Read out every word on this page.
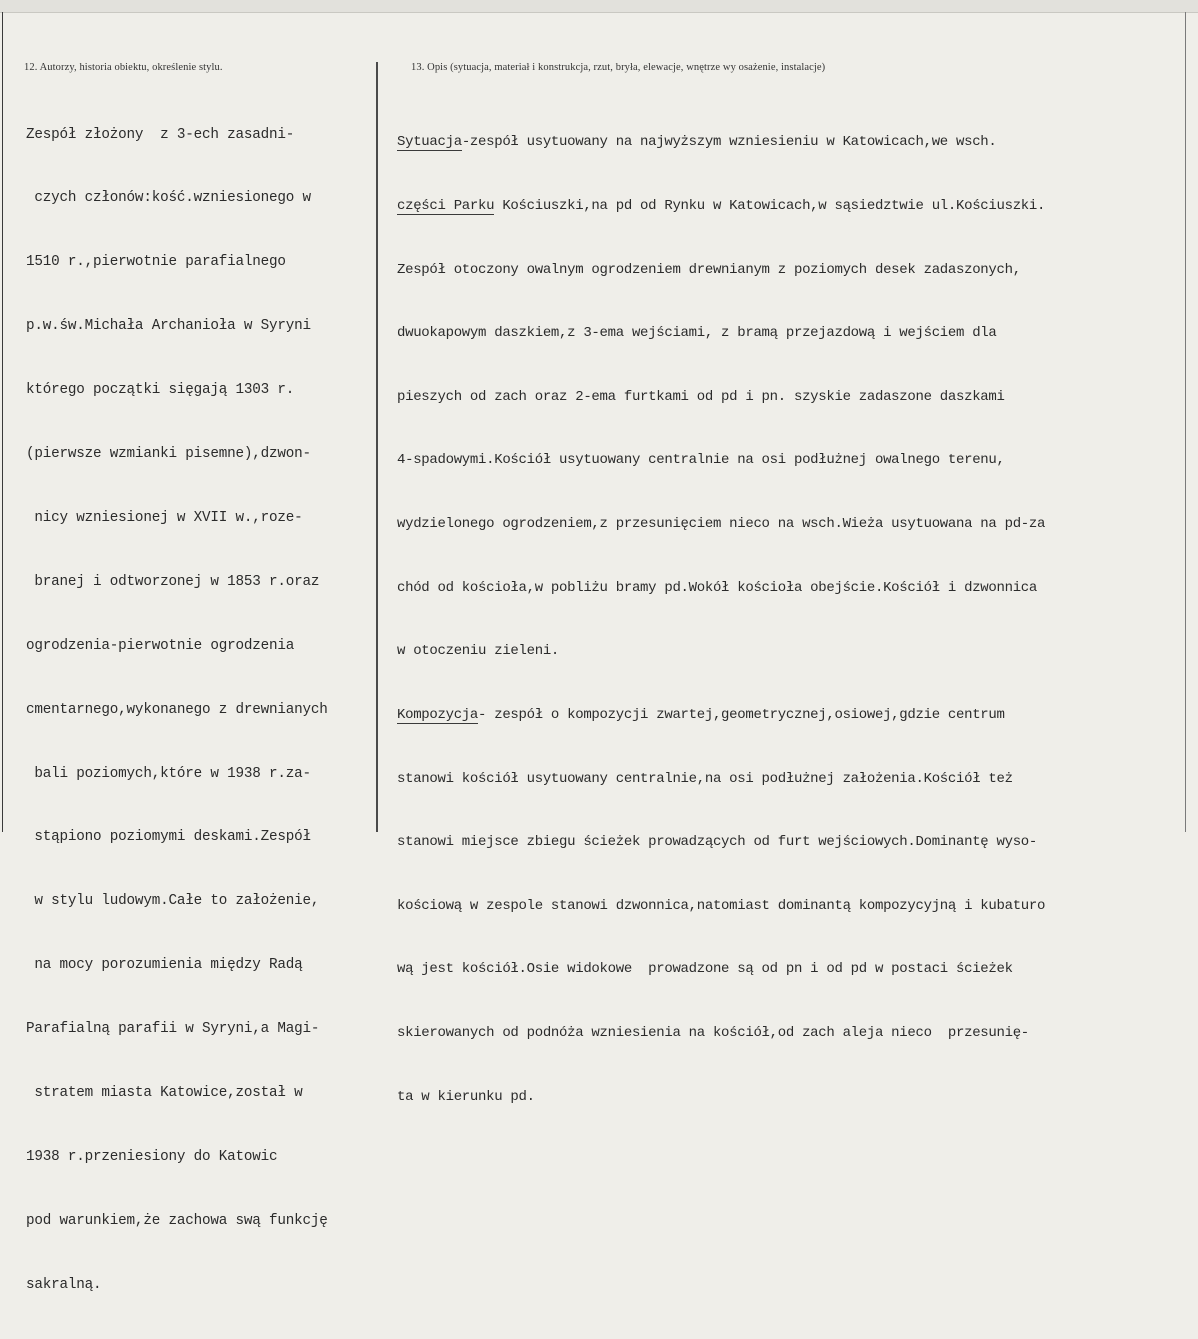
12. Autorzy, historia obiektu, określenie stylu.	13. Opis (sytuacja, materiał i konstrukcja, rzut, bryła, elewacje, wnętrze wy osażenie, instalacje)

Zespół złożony  z 3-ech zasadni-

czych członów:kość.wzniesionego w

1510 r.,pierwotnie parafialnego

p.w.św.Michała Archanioła w Syryni

którego początki sięgają 1303 r.

(pierwsze wzmianki pisemne),dzwon-

nicy wzniesionej w XVII w.,roze-

branej i odtworzonej w 1853 r.oraz

ogrodzenia-pierwotnie ogrodzenia

cmentarnego,wykonanego z drewnianych

bali poziomych,które w 1938 r.za-

stąpiono poziomymi deskami.Zespół

w stylu ludowym.Całe to założenie,

na mocy porozumienia między Radą

Parafialną parafii w Syryni,a Magi-

stratem miasta Katowice,został w

1938 r.przeniesiony do Katowic

pod warunkiem,że zachowa swą funkcję

sakralną.

Sytuacja-zespół usytuowany na najwyższym wzniesieniu w Katowicach,we wsch.

części Parku Kościuszki,na pd od Rynku w Katowicach,w sąsiedztwie ul.Kościuszki.

Zespół otoczony owalnym ogrodzeniem drewnianym z poziomych desek zadaszonych,

dwuokapowym daszkiem,z 3-ema wejściami, z bramą przejazdową i wejściem dla

pieszych od zach oraz 2-ema furtkami od pd i pn. szyskie zadaszone daszkami

4-spadowymi.Kościół usytuowany centralnie na osi podłużnej owalnego terenu,

wydzielonego ogrodzeniem,z przesunięciem nieco na wsch.Wieża usytuowana na pd-za

chód od kościoła,w pobliżu bramy pd.Wokół kościoła obejście.Kościół i dzwonnica

w otoczeniu zieleni.

Kompozycja- zespół o kompozycji zwartej,geometrycznej,osiowej,gdzie centrum

stanowi kościół usytuowany centralnie,na osi podłużnej założenia.Kościół też

stanowi miejsce zbiegu ścieżek prowadzących od furt wejściowych.Dominantę wyso-

kościową w zespole stanowi dzwonnica,natomiast dominantą kompozycyjną i kubaturo

wą jest kościół.Osie widokowe  prowadzone są od pn i od pd w postaci ścieżek

skierowanych od podnóża wzniesienia na kościół,od zach aleja nieco  przesunię-

ta w kierunku pd.
